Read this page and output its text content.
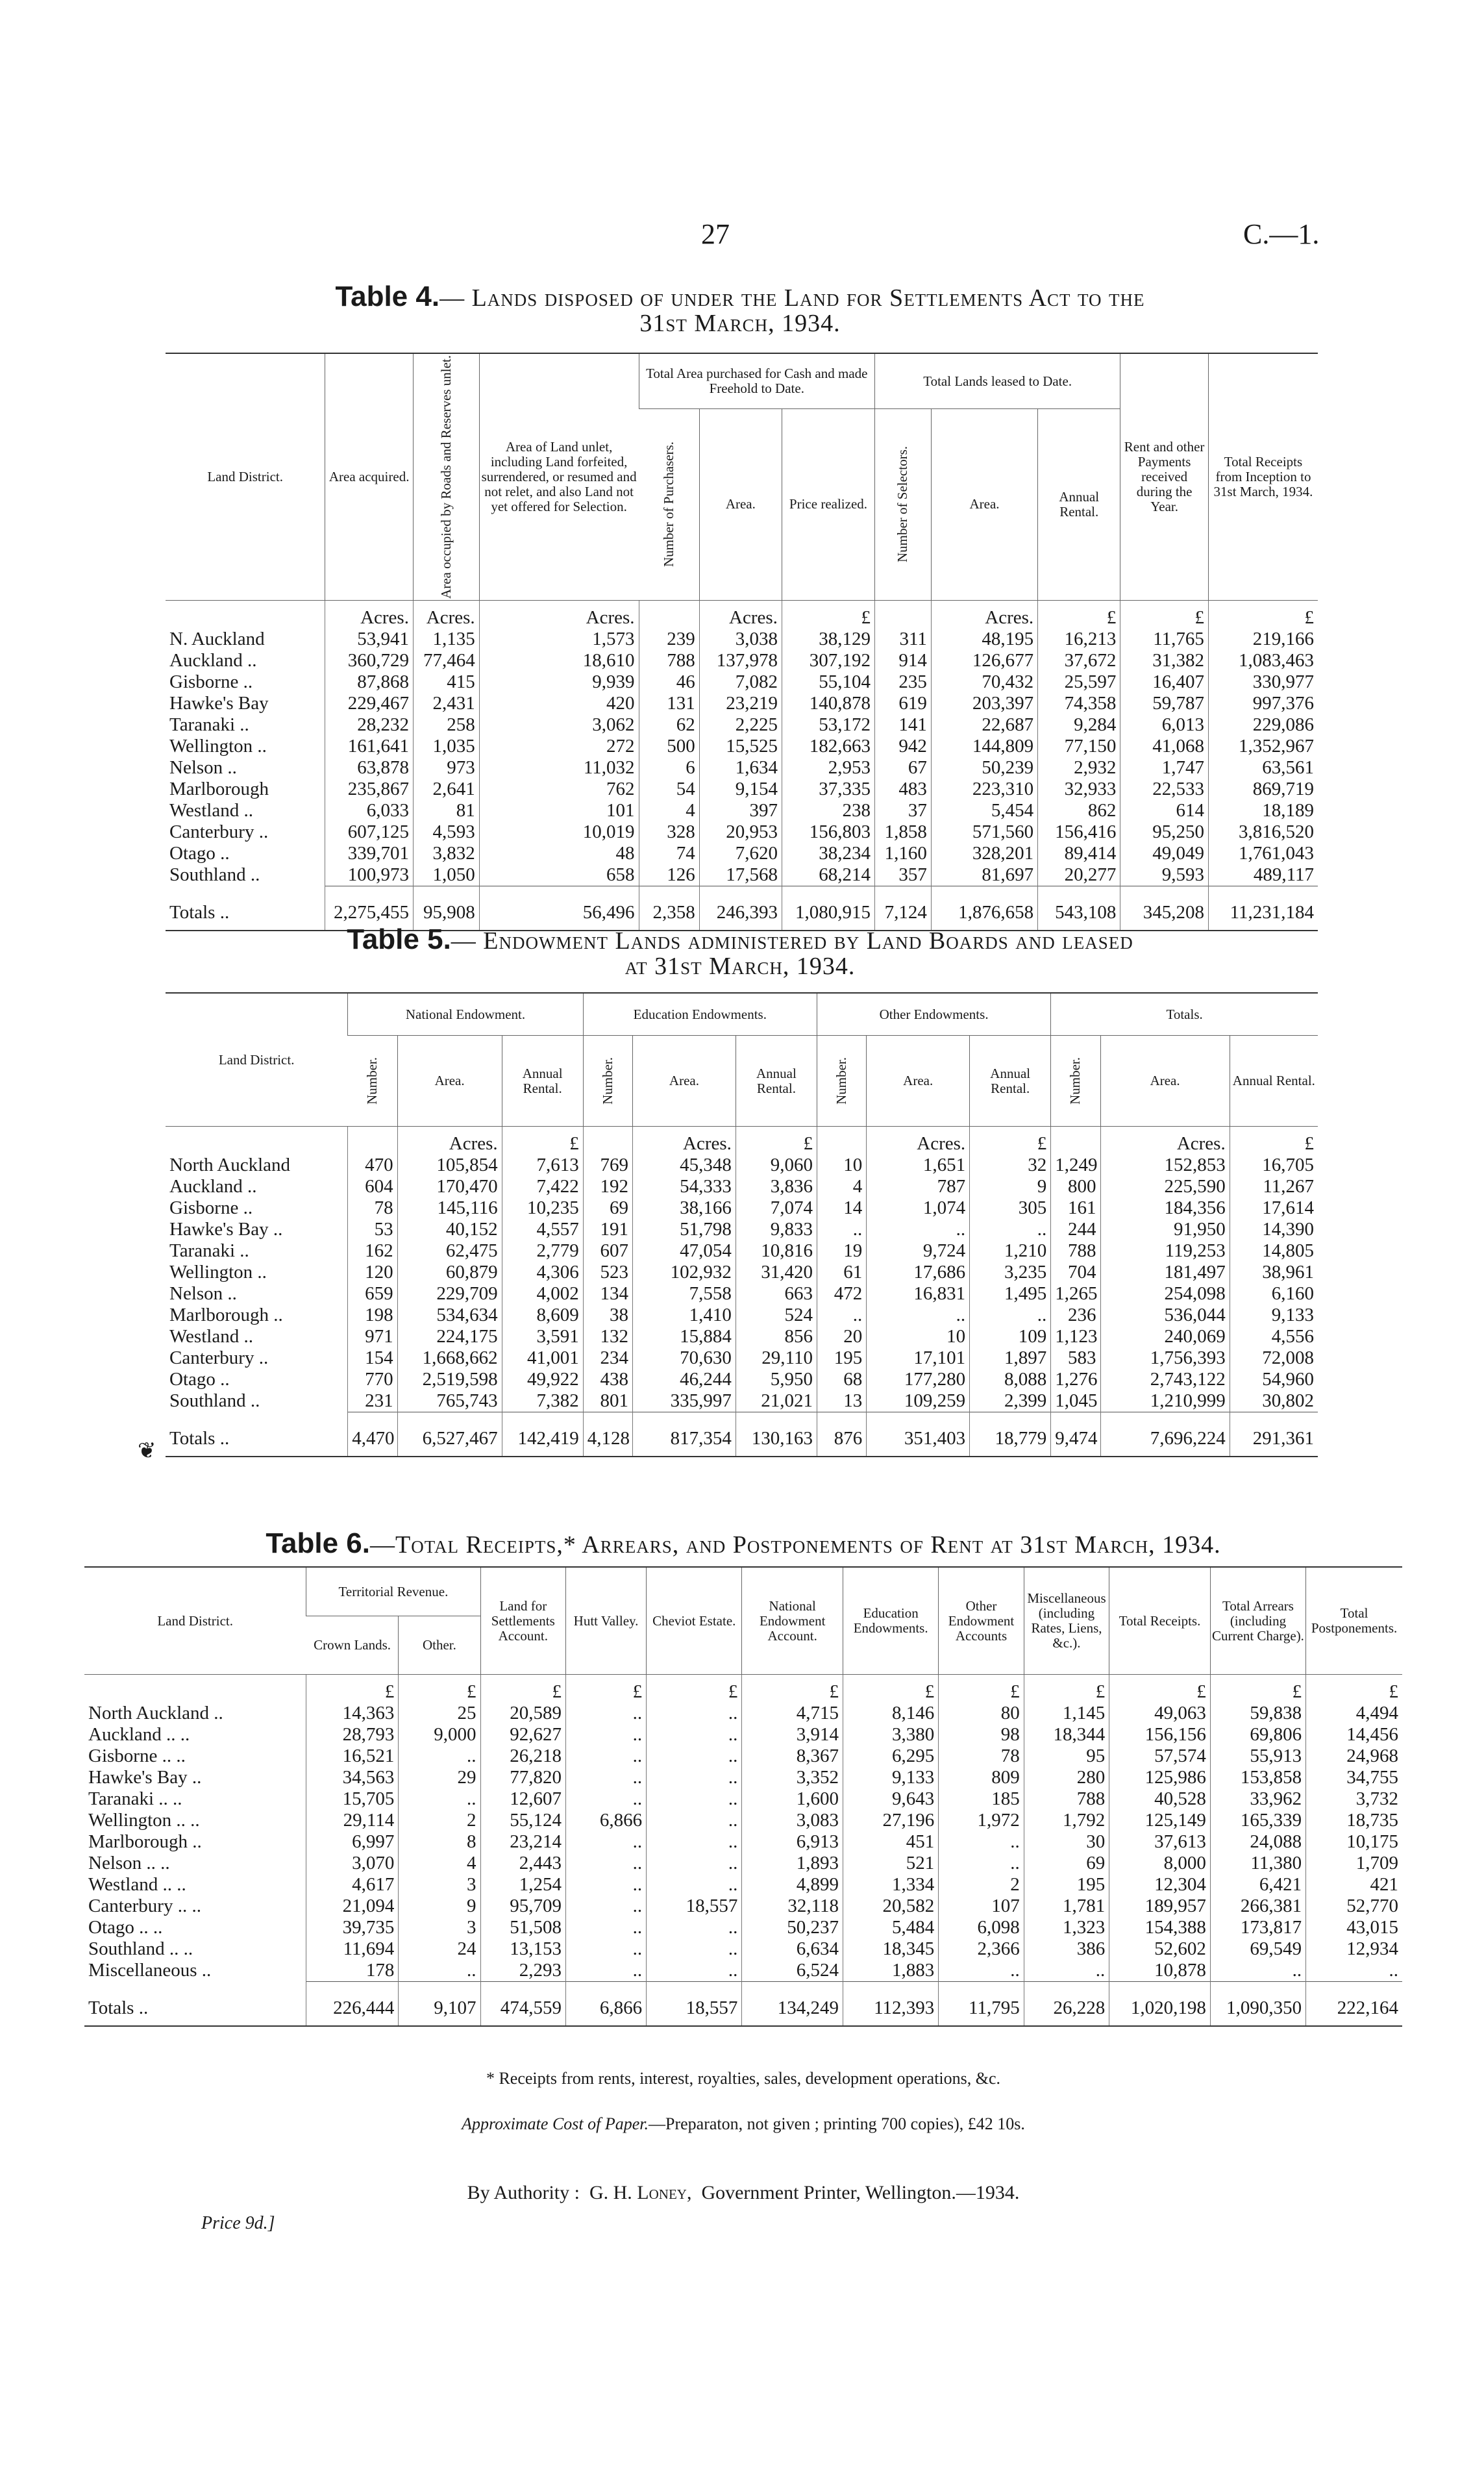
27	C.—1.
Table 4.— Lands disposed of under the Land for Settlements Act to the
31st March, 1934.
Land District.	Area acquired.	Area occupied by Roads and Reserves unlet.	Area of Land unlet, including Land forfeited, surrendered, or resumed and not relet, and also Land not yet offered for Selection.	Total Area purchased for Cash and made Freehold to Date.			Total Lands leased to Date.			Rent and other Payments received during the Year.	Total Receipts from Inception to 31st March, 1934.

				Number of Purchasers.	Area.	Price realized.	Number of Selectors.	Area.	Annual Rental.		
	Acres.	Acres.	Acres.		Acres.	£		Acres.	£	£	£
N. Auckland	53,941	1,135	1,573	239	3,038	38,129	311	48,195	16,213	11,765	219,166
Auckland ..	360,729	77,464	18,610	788	137,978	307,192	914	126,677	37,672	31,382	1,083,463
Gisborne ..	87,868	415	9,939	46	7,082	55,104	235	70,432	25,597	16,407	330,977
Hawke's Bay	229,467	2,431	420	131	23,219	140,878	619	203,397	74,358	59,787	997,376
Taranaki ..	28,232	258	3,062	62	2,225	53,172	141	22,687	9,284	6,013	229,086
Wellington ..	161,641	1,035	272	500	15,525	182,663	942	144,809	77,150	41,068	1,352,967
Nelson ..	63,878	973	11,032	6	1,634	2,953	67	50,239	2,932	1,747	63,561
Marlborough	235,867	2,641	762	54	9,154	37,335	483	223,310	32,933	22,533	869,719
Westland ..	6,033	81	101	4	397	238	37	5,454	862	614	18,189
Canterbury ..	607,125	4,593	10,019	328	20,953	156,803	1,858	571,560	156,416	95,250	3,816,520
Otago ..	339,701	3,832	48	74	7,620	38,234	1,160	328,201	89,414	49,049	1,761,043
Southland ..	100,973	1,050	658	126	17,568	68,214	357	81,697	20,277	9,593	489,117
Totals ..	2,275,455	95,908	56,496	2,358	246,393	1,080,915	7,124	1,876,658	543,108	345,208	11,231,184
Table 5.— Endowment Lands administered by Land Boards and leased
at 31st March, 1934.
Land District.	National Endowment.			Education Endowments.			Other Endowments.			Totals.		

	Number.	Area.	Annual Rental.	Number.	Area.	Annual Rental.	Number.	Area.	Annual Rental.	Number.	Area.	Annual Rental.
		Acres.	£		Acres.	£		Acres.	£		Acres.	£
North Auckland	470	105,854	7,613	769	45,348	9,060	10	1,651	32	1,249	152,853	16,705
Auckland ..	604	170,470	7,422	192	54,333	3,836	4	787	9	800	225,590	11,267
Gisborne ..	78	145,116	10,235	69	38,166	7,074	14	1,074	305	161	184,356	17,614
Hawke's Bay ..	53	40,152	4,557	191	51,798	9,833	..	..	..	244	91,950	14,390
Taranaki ..	162	62,475	2,779	607	47,054	10,816	19	9,724	1,210	788	119,253	14,805
Wellington ..	120	60,879	4,306	523	102,932	31,420	61	17,686	3,235	704	181,497	38,961
Nelson ..	659	229,709	4,002	134	7,558	663	472	16,831	1,495	1,265	254,098	6,160
Marlborough ..	198	534,634	8,609	38	1,410	524	..	..	..	236	536,044	9,133
Westland ..	971	224,175	3,591	132	15,884	856	20	10	109	1,123	240,069	4,556
Canterbury ..	154	1,668,662	41,001	234	70,630	29,110	195	17,101	1,897	583	1,756,393	72,008
Otago ..	770	2,519,598	49,922	438	46,244	5,950	68	177,280	8,088	1,276	2,743,122	54,960
Southland ..	231	765,743	7,382	801	335,997	21,021	13	109,259	2,399	1,045	1,210,999	30,802
Totals ..	4,470	6,527,467	142,419	4,128	817,354	130,163	876	351,403	18,779	9,474	7,696,224	291,361
❦
Table 6.—Total Receipts,* Arrears, and Postponements of Rent at 31st March, 1934.
Land District.	Territorial Revenue.		Land for Settlements Account.	Hutt Valley.	Cheviot Estate.	National Endowment Account.	Education Endowments.	Other Endowment Accounts	Miscellaneous (including Rates, Liens, &c.).	Total Receipts.	Total Arrears (including Current Charge).	Total Postponements.
	Crown Lands.	Other.										
	£	£	£	£	£	£	£	£	£	£	£	£
North Auckland ..	14,363	25	20,589	..	..	4,715	8,146	80	1,145	49,063	59,838	4,494
Auckland .. ..	28,793	9,000	92,627	..	..	3,914	3,380	98	18,344	156,156	69,806	14,456
Gisborne .. ..	16,521	..	26,218	..	..	8,367	6,295	78	95	57,574	55,913	24,968
Hawke's Bay ..	34,563	29	77,820	..	..	3,352	9,133	809	280	125,986	153,858	34,755
Taranaki .. ..	15,705	..	12,607	..	..	1,600	9,643	185	788	40,528	33,962	3,732
Wellington .. ..	29,114	2	55,124	6,866	..	3,083	27,196	1,972	1,792	125,149	165,339	18,735
Marlborough ..	6,997	8	23,214	..	..	6,913	451	..	30	37,613	24,088	10,175
Nelson .. ..	3,070	4	2,443	..	..	1,893	521	..	69	8,000	11,380	1,709
Westland .. ..	4,617	3	1,254	..	..	4,899	1,334	2	195	12,304	6,421	421
Canterbury .. ..	21,094	9	95,709	..	18,557	32,118	20,582	107	1,781	189,957	266,381	52,770
Otago .. ..	39,735	3	51,508	..	..	50,237	5,484	6,098	1,323	154,388	173,817	43,015
Southland .. ..	11,694	24	13,153	..	..	6,634	18,345	2,366	386	52,602	69,549	12,934
Miscellaneous ..	178	..	2,293	..	..	6,524	1,883	..	..	10,878	..	..
Totals ..	226,444	9,107	474,559	6,866	18,557	134,249	112,393	11,795	26,228	1,020,198	1,090,350	222,164
* Receipts from rents, interest, royalties, sales, development operations, &c.
Approximate Cost of Paper.—Preparaton, not given ; printing 700 copies), £42 10s.
By Authority : G. H. Loney, Government Printer, Wellington.—1934.
Price 9d.]
